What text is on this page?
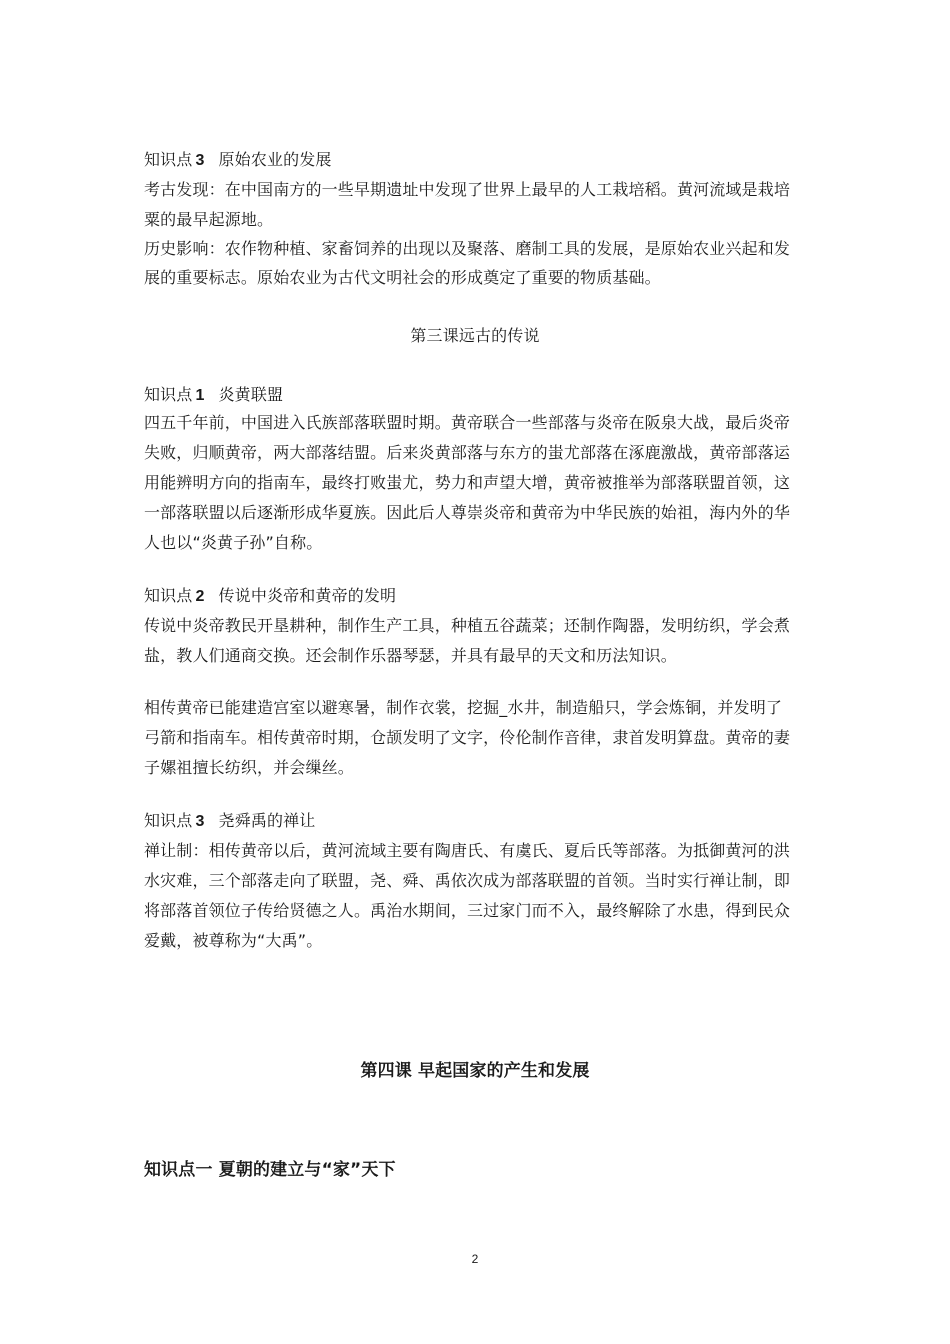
知识点 3 原始农业的发展
考古发现：在中国南方的一些早期遗址中发现了世界上最早的人工栽培稻。黄河流域是栽培
粟的最早起源地。
历史影响：农作物种植、家畜饲养的出现以及聚落、磨制工具的发展，是原始农业兴起和发
展的重要标志。原始农业为古代文明社会的形成奠定了重要的物质基础。
第三课远古的传说
知识点 1 炎黄联盟
四五千年前，中国进入氏族部落联盟时期。黄帝联合一些部落与炎帝在阪泉大战，最后炎帝
失败，归顺黄帝，两大部落结盟。后来炎黄部落与东方的蚩尤部落在涿鹿激战，黄帝部落运
用能辨明方向的指南车，最终打败蚩尤，势力和声望大增，黄帝被推举为部落联盟首领，这
一部落联盟以后逐渐形成华夏族。因此后人尊崇炎帝和黄帝为中华民族的始祖，海内外的华
人也以“炎黄子孙”自称。
知识点 2 传说中炎帝和黄帝的发明
传说中炎帝教民开垦耕种，制作生产工具，种植五谷蔬菜；还制作陶器，发明纺织，学会煮
盐，教人们通商交换。还会制作乐器琴瑟，并具有最早的天文和历法知识。
相传黄帝已能建造宫室以避寒暑，制作衣裳，挖掘_水井，制造船只，学会炼铜，并发明了
弓箭和指南车。相传黄帝时期，仓颉发明了文字，伶伦制作音律，隶首发明算盘。黄帝的妻
子嫘祖擅长纺织，并会缫丝。
知识点 3 尧舜禹的禅让
禅让制：相传黄帝以后，黄河流域主要有陶唐氏、有虞氏、夏后氏等部落。为抵御黄河的洪
水灾难，三个部落走向了联盟，尧、舜、禹依次成为部落联盟的首领。当时实行禅让制，即
将部落首领位子传给贤德之人。禹治水期间，三过家门而不入，最终解除了水患，得到民众
爱戴，被尊称为“大禹”。
第四课 早起国家的产生和发展
知识点一 夏朝的建立与“家”天下
2
